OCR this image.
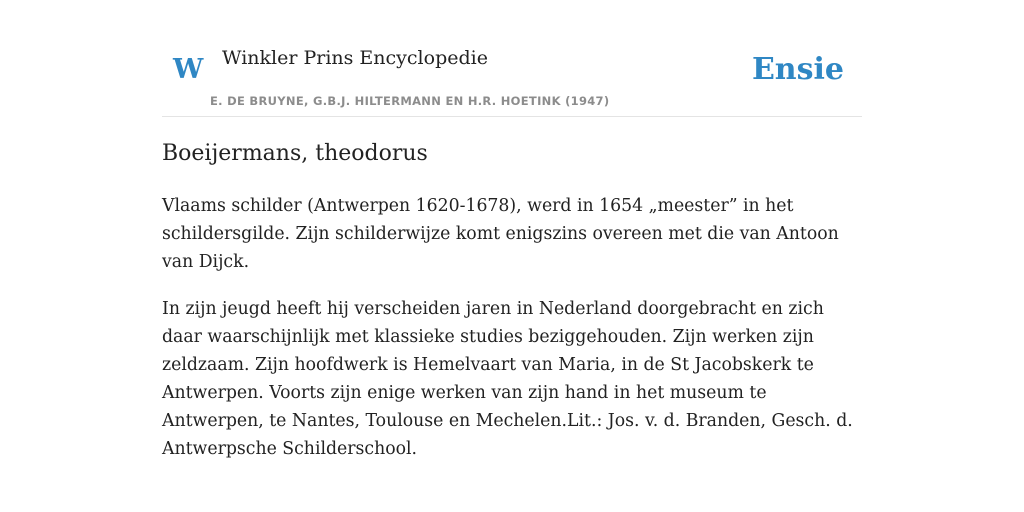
W Winkler Prins Encyclopedie
E. DE BRUYNE, G.B.J. HILTERMANN EN H.R. HOETINK (1947)
Ensie
Boeijermans, theodorus

Vlaams schilder (Antwerpen 1620-1678), werd in 1654 „meester” in het schildersgilde. Zijn schilderwijze komt enigszins overeen met die van Antoon van Dijck.

In zijn jeugd heeft hij verscheiden jaren in Nederland doorgebracht en zich daar waarschijnlijk met klassieke studies beziggehouden. Zijn werken zijn zeldzaam. Zijn hoofdwerk is Hemelvaart van Maria, in de St Jacobskerk te Antwerpen. Voorts zijn enige werken van zijn hand in het museum te Antwerpen, te Nantes, Toulouse en Mechelen.Lit.: Jos. v. d. Branden, Gesch. d. Antwerpsche Schilderschool.
